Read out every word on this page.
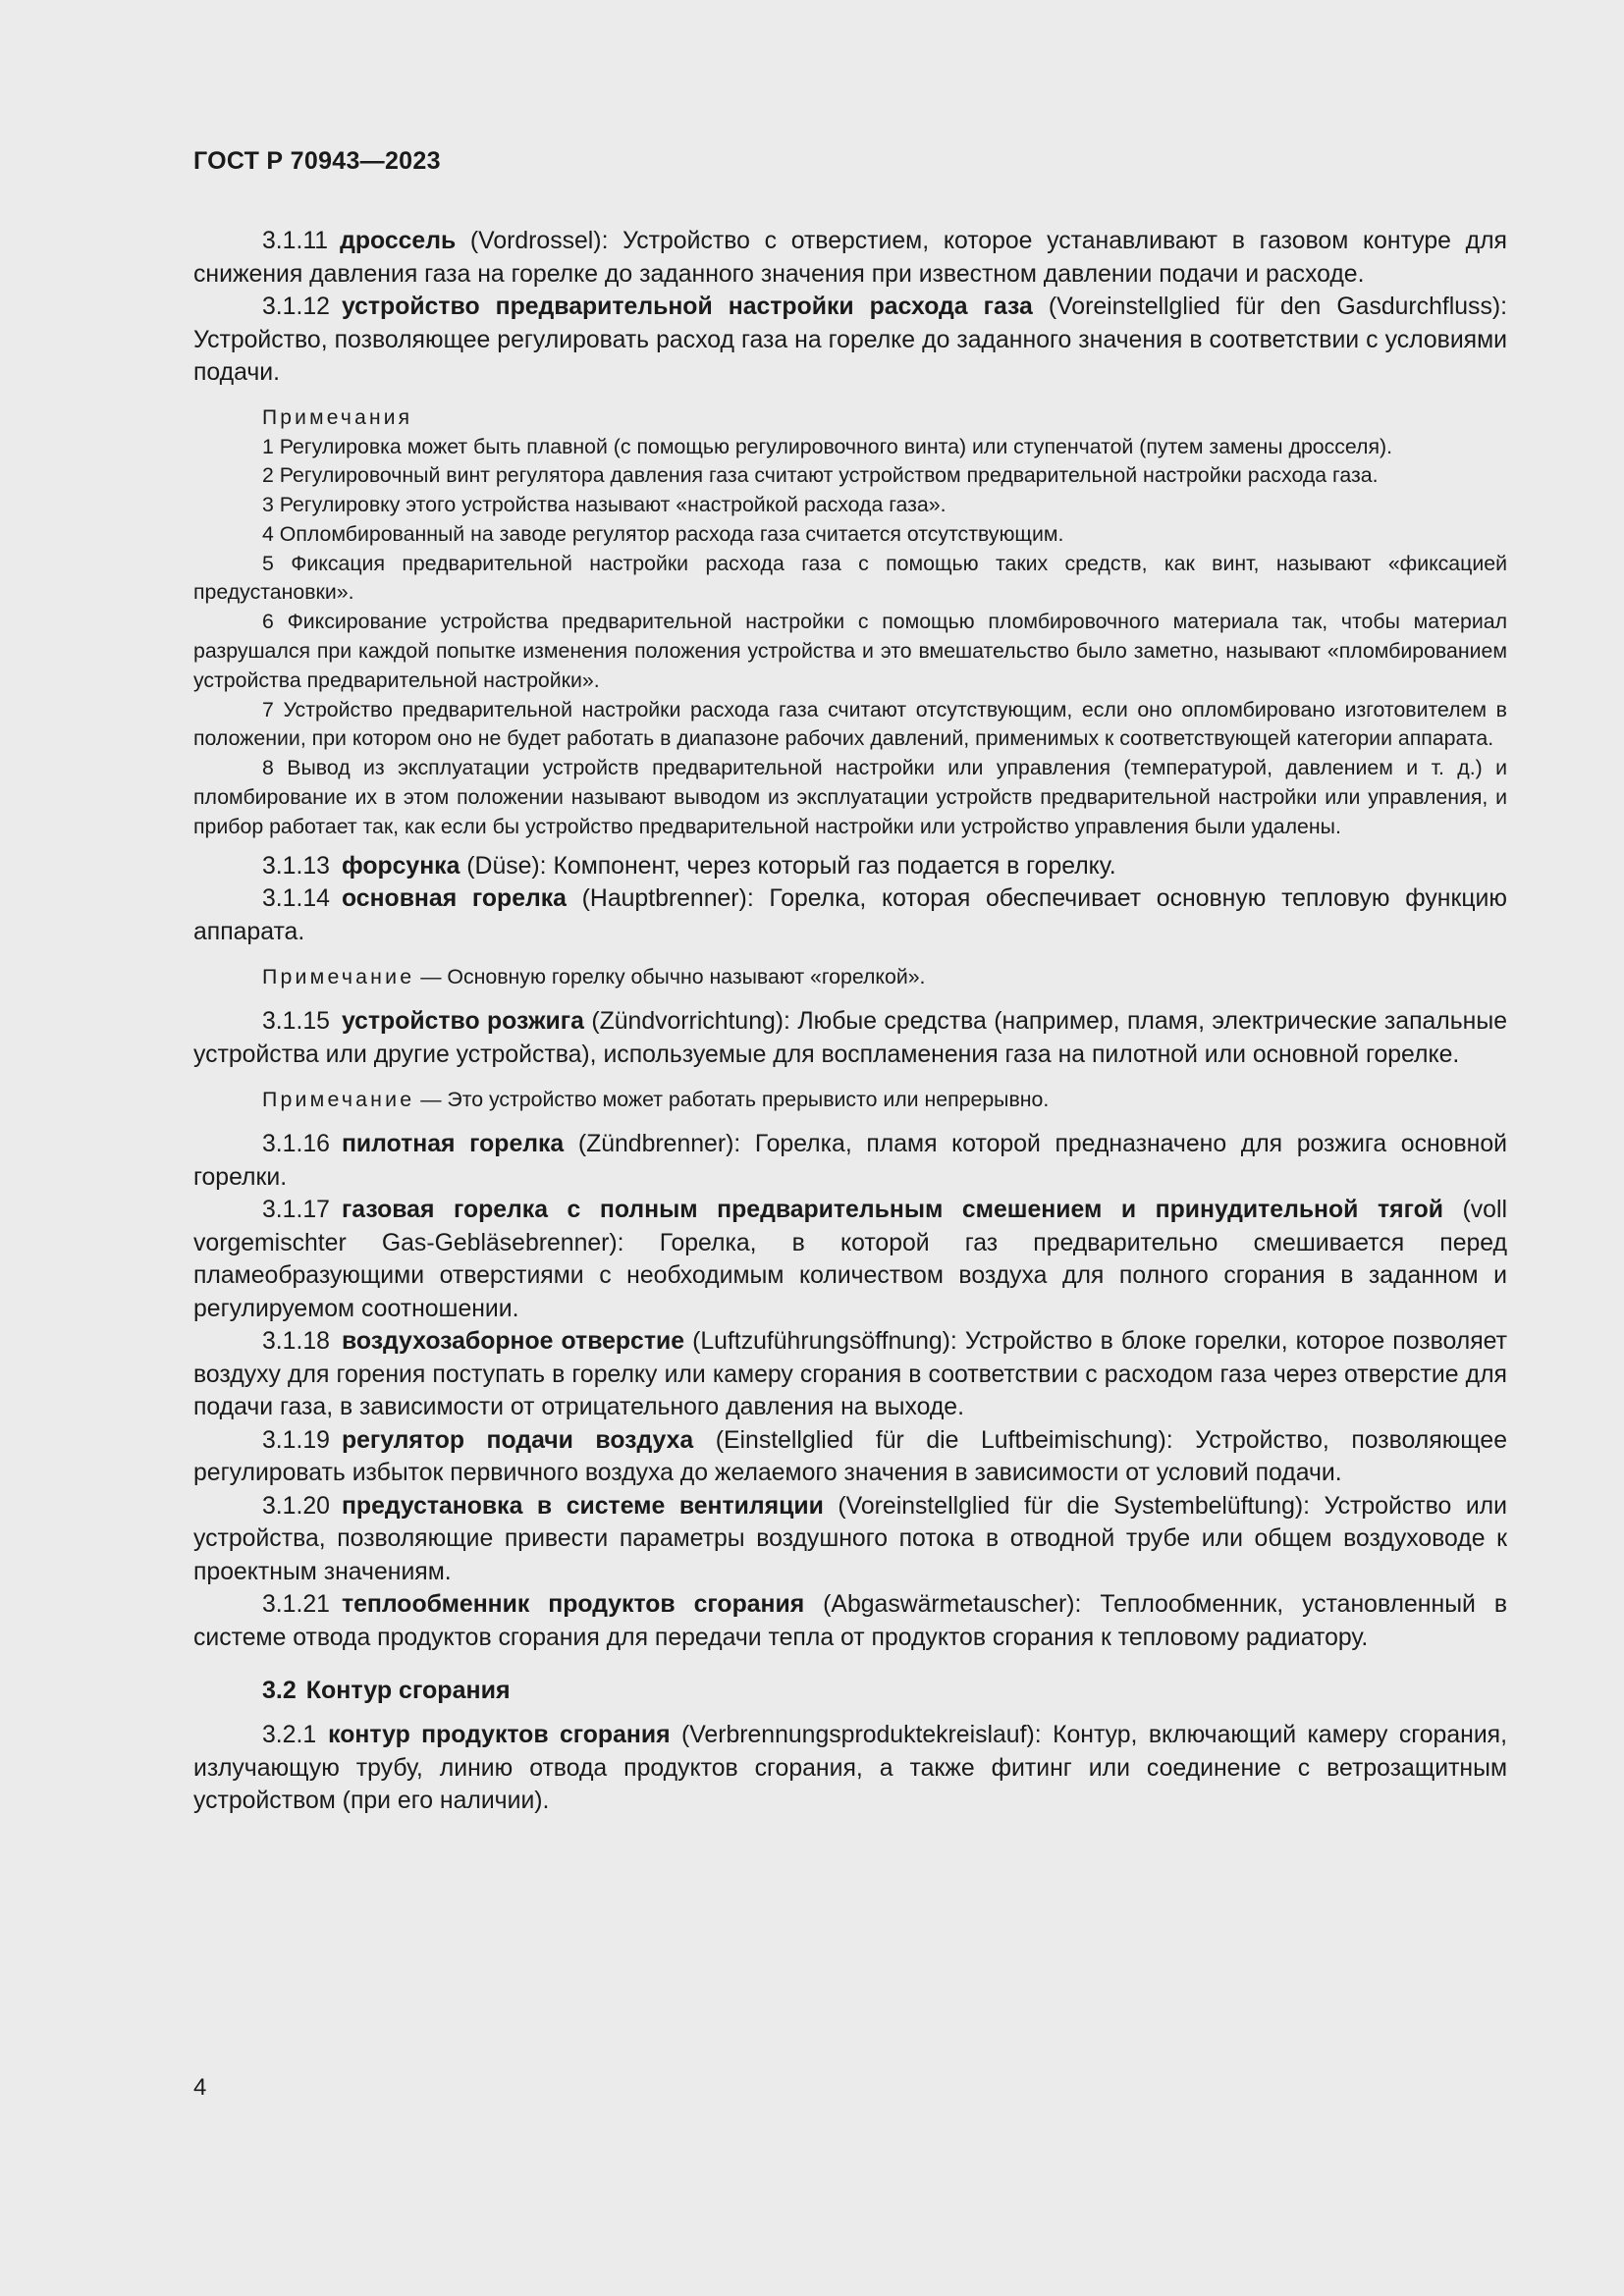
ГОСТ Р 70943—2023

3.1.11 дроссель (Vordrossel): Устройство с отверстием, которое устанавливают в газовом контуре для снижения давления газа на горелке до заданного значения при известном давлении подачи и расходе.

3.1.12 устройство предварительной настройки расхода газа (Voreinstellglied für den Gasdurchfluss): Устройство, позволяющее регулировать расход газа на горелке до заданного значения в соответствии с условиями подачи.

Примечания

1 Регулировка может быть плавной (с помощью регулировочного винта) или ступенчатой (путем замены дросселя).

2 Регулировочный винт регулятора давления газа считают устройством предварительной настройки расхода газа.

3 Регулировку этого устройства называют «настройкой расхода газа».

4 Опломбированный на заводе регулятор расхода газа считается отсутствующим.

5 Фиксация предварительной настройки расхода газа с помощью таких средств, как винт, называют «фиксацией предустановки».

6 Фиксирование устройства предварительной настройки с помощью пломбировочного материала так, чтобы материал разрушался при каждой попытке изменения положения устройства и это вмешательство было заметно, называют «пломбированием устройства предварительной настройки».

7 Устройство предварительной настройки расхода газа считают отсутствующим, если оно опломбировано изготовителем в положении, при котором оно не будет работать в диапазоне рабочих давлений, применимых к соответствующей категории аппарата.

8 Вывод из эксплуатации устройств предварительной настройки или управления (температурой, давлением и т. д.) и пломбирование их в этом положении называют выводом из эксплуатации устройств предварительной настройки или управления, и прибор работает так, как если бы устройство предварительной настройки или устройство управления были удалены.

3.1.13 форсунка (Düse): Компонент, через который газ подается в горелку.

3.1.14 основная горелка (Hauptbrenner): Горелка, которая обеспечивает основную тепловую функцию аппарата.

Примечание — Основную горелку обычно называют «горелкой».

3.1.15 устройство розжига (Zündvorrichtung): Любые средства (например, пламя, электрические запальные устройства или другие устройства), используемые для воспламенения газа на пилотной или основной горелке.

Примечание — Это устройство может работать прерывисто или непрерывно.

3.1.16 пилотная горелка (Zündbrenner): Горелка, пламя которой предназначено для розжига основной горелки.

3.1.17 газовая горелка с полным предварительным смешением и принудительной тягой (voll vorgemischter Gas-Gebläsebrenner): Горелка, в которой газ предварительно смешивается перед пламеобразующими отверстиями с необходимым количеством воздуха для полного сгорания в заданном и регулируемом соотношении.

3.1.18 воздухозаборное отверстие (Luftzuführungsöffnung): Устройство в блоке горелки, которое позволяет воздуху для горения поступать в горелку или камеру сгорания в соответствии с расходом газа через отверстие для подачи газа, в зависимости от отрицательного давления на выходе.

3.1.19 регулятор подачи воздуха (Einstellglied für die Luftbeimischung): Устройство, позволяющее регулировать избыток первичного воздуха до желаемого значения в зависимости от условий подачи.

3.1.20 предустановка в системе вентиляции (Voreinstellglied für die Systembelüftung): Устройство или устройства, позволяющие привести параметры воздушного потока в отводной трубе или общем воздуховоде к проектным значениям.

3.1.21 теплообменник продуктов сгорания (Abgaswärmetauscher): Теплообменник, установленный в системе отвода продуктов сгорания для передачи тепла от продуктов сгорания к тепловому радиатору.

3.2 Контур сгорания

3.2.1 контур продуктов сгорания (Verbrennungsproduktekreislauf): Контур, включающий камеру сгорания, излучающую трубу, линию отвода продуктов сгорания, а также фитинг или соединение с ветрозащитным устройством (при его наличии).

4
